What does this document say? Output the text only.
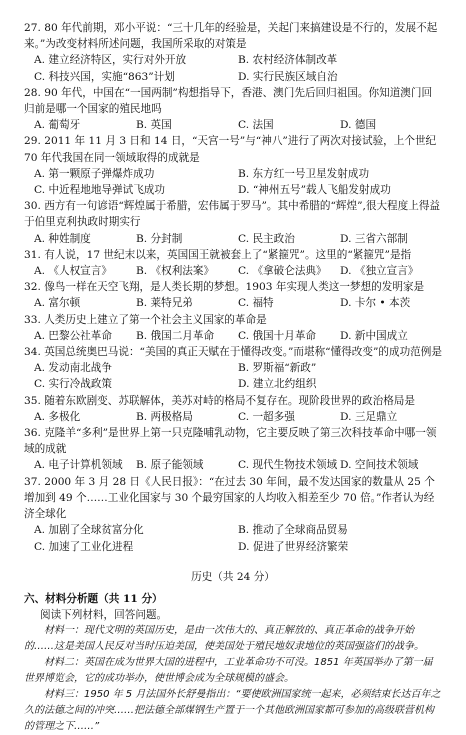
27. 80 年代前期，邓小平说：“三十几年的经验是，关起门来搞建设是不行的，发展不起来。”为改变材料所述问题，我国所采取的对策是

A. 建立经济特区，实行对外开放	B. 农村经济体制改革
C. 科技兴国，实施“863”计划	D. 实行民族区域自治

28. 90 年代，中国在“一国两制”构想指导下，香港、澳门先后回归祖国。你知道澳门回归前是哪一个国家的殖民地吗

A. 葡萄牙	B. 英国	C. 法国	D. 德国

29. 2011 年 11 月 3 日和 14 日，“天宫一号”与“神八”进行了两次对接试验，上个世纪 70 年代我国在同一领域取得的成就是

A. 第一颗原子弹爆炸成功	B. 东方红一号卫星发射成功
C. 中近程地地导弹试飞成功	D. “神州五号”载人飞船发射成功

30. 西方有一句谚语“辉煌属于希腊，宏伟属于罗马”。其中希腊的“辉煌”,很大程度上得益于伯里克利执政时期实行

A. 种姓制度	B. 分封制	C. 民主政治	D. 三省六部制

31. 有人说，17 世纪末以来，英国国王就被套上了“紧箍咒”。这里的“紧箍咒”是指

A. 《人权宣言》	B. 《权利法案》	C. 《拿破仑法典》	D. 《独立宣言》

32. 像鸟一样在天空飞翔，是人类长期的梦想。1903 年实现人类这一梦想的发明家是

A. 富尔顿	B. 莱特兄弟	C. 福特	D. 卡尔 • 本茨

33. 人类历史上建立了第一个社会主义国家的革命是

A. 巴黎公社革命	B. 俄国二月革命	C. 俄国十月革命	D. 新中国成立

34. 英国总统奥巴马说：“美国的真正天赋在于懂得改变。”而堪称“懂得改变”的成功范例是

A. 发动南北战争	B. 罗斯福“新政”
C. 实行冷战政策	D. 建立北约组织

35. 随着东欧剧变、苏联解体，美苏对峙的格局不复存在。现阶段世界的政治格局是

A. 多极化	B. 两极格局	C. 一超多强	D. 三足鼎立

36. 克隆羊“多利”是世界上第一只克隆哺乳动物，它主要反映了第三次科技革命中哪一领域的成就

A. 电子计算机领域	B. 原子能领域	C. 现代生物技术领域 D. 空间技术领域

37. 2000 年 3 月 28 日《人民日报》：“在过去 30 年间，最不发达国家的数量从 25 个增加到 49 个……工业化国家与 30 个最穷国家的人均收入相差至少 70 倍。”作者认为经济全球化

A. 加剧了全球贫富分化	B. 推动了全球商品贸易
C. 加速了工业化进程	D. 促进了世界经济繁荣
历史（共 24 分）
六、材料分析题（共 11 分）
阅读下列材料，回答问题。
材料一：现代文明的英国历史，是由一次伟大的、真正解放的、真正革命的战争开始的……这是美国人民反对当时压迫美国，使美国处于殖民地奴隶地位的英国强盗们的战争。
材料二：英国在成为世界大国的进程中，工业革命功不可没。1851 年英国举办了第一届世界博览会，它的成功举办，使世博会成为全球规模的盛会。
材料三：1950 年 5 月法国外长舒曼指出：“要使欧洲国家统一起来，必须结束长达百年之久的法德之间的冲突……把法德全部煤钢生产置于一个其他欧洲国家都可参加的高级联营机构的管理之下……”
